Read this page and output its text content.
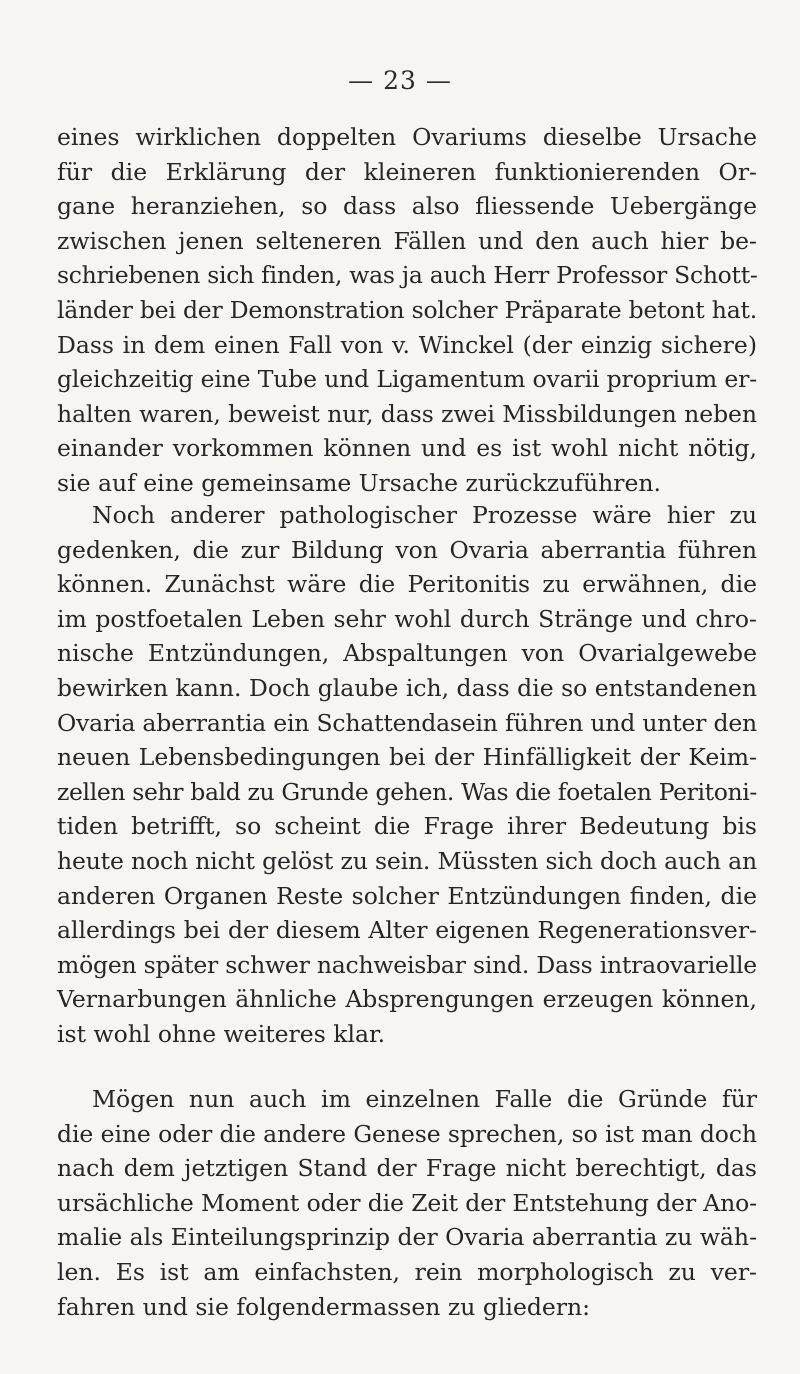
— 23 —
eines wirklichen doppelten Ovariums dieselbe Ursache
für die Erklärung der kleineren funktionierenden Or-
gane heranziehen, so dass also fliessende Uebergänge
zwischen jenen selteneren Fällen und den auch hier be-
schriebenen sich finden, was ja auch Herr Professor Schott-
länder bei der Demonstration solcher Präparate betont hat.
Dass in dem einen Fall von v. Winckel (der einzig sichere)
gleichzeitig eine Tube und Ligamentum ovarii proprium er-
halten waren, beweist nur, dass zwei Missbildungen neben
einander vorkommen können und es ist wohl nicht nötig,
sie auf eine gemeinsame Ursache zurückzuführen.
Noch anderer pathologischer Prozesse wäre hier zu
gedenken, die zur Bildung von Ovaria aberrantia führen
können. Zunächst wäre die Peritonitis zu erwähnen, die
im postfoetalen Leben sehr wohl durch Stränge und chro-
nische Entzündungen, Abspaltungen von Ovarialgewebe
bewirken kann. Doch glaube ich, dass die so entstandenen
Ovaria aberrantia ein Schattendasein führen und unter den
neuen Lebensbedingungen bei der Hinfälligkeit der Keim-
zellen sehr bald zu Grunde gehen. Was die foetalen Peritoni-
tiden betrifft, so scheint die Frage ihrer Bedeutung bis
heute noch nicht gelöst zu sein. Müssten sich doch auch an
anderen Organen Reste solcher Entzündungen finden, die
allerdings bei der diesem Alter eigenen Regenerationsver-
mögen später schwer nachweisbar sind. Dass intraovarielle
Vernarbungen ähnliche Absprengungen erzeugen können,
ist wohl ohne weiteres klar.
Mögen nun auch im einzelnen Falle die Gründe für
die eine oder die andere Genese sprechen, so ist man doch
nach dem jetztigen Stand der Frage nicht berechtigt, das
ursächliche Moment oder die Zeit der Entstehung der Ano-
malie als Einteilungsprinzip der Ovaria aberrantia zu wäh-
len. Es ist am einfachsten, rein morphologisch zu ver-
fahren und sie folgendermassen zu gliedern:
